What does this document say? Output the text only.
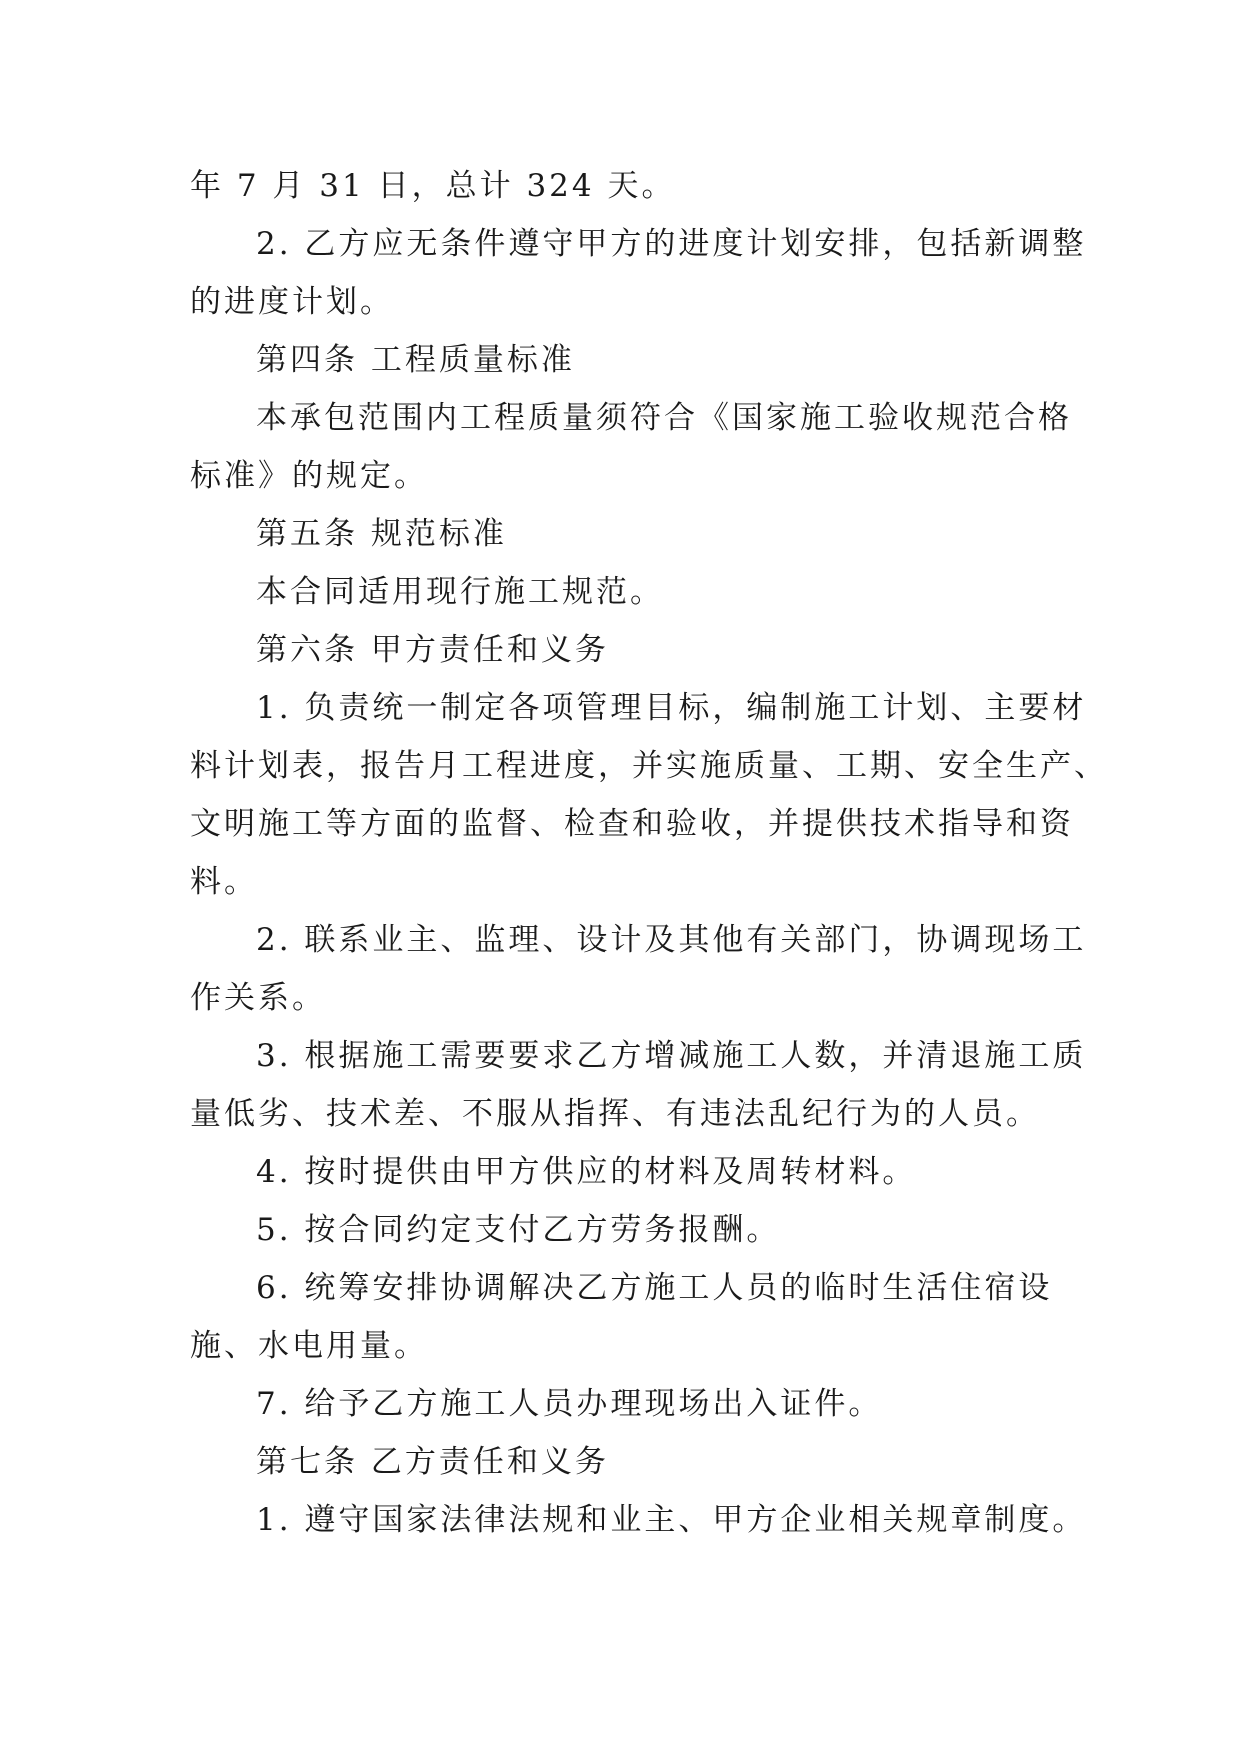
年 7 月 31 日，总计 324 天。
2. 乙方应无条件遵守甲方的进度计划安排，包括新调整
的进度计划。
第四条 工程质量标准
本承包范围内工程质量须符合《国家施工验收规范合格
标准》的规定。
第五条 规范标准
本合同适用现行施工规范。
第六条 甲方责任和义务
1. 负责统一制定各项管理目标，编制施工计划、主要材
料计划表，报告月工程进度，并实施质量、工期、安全生产、
文明施工等方面的监督、检查和验收，并提供技术指导和资
料。
2. 联系业主、监理、设计及其他有关部门，协调现场工
作关系。
3. 根据施工需要要求乙方增减施工人数，并清退施工质
量低劣、技术差、不服从指挥、有违法乱纪行为的人员。
4. 按时提供由甲方供应的材料及周转材料。
5. 按合同约定支付乙方劳务报酬。
6. 统筹安排协调解决乙方施工人员的临时生活住宿设
施、水电用量。
7. 给予乙方施工人员办理现场出入证件。
第七条 乙方责任和义务
1. 遵守国家法律法规和业主、甲方企业相关规章制度。
